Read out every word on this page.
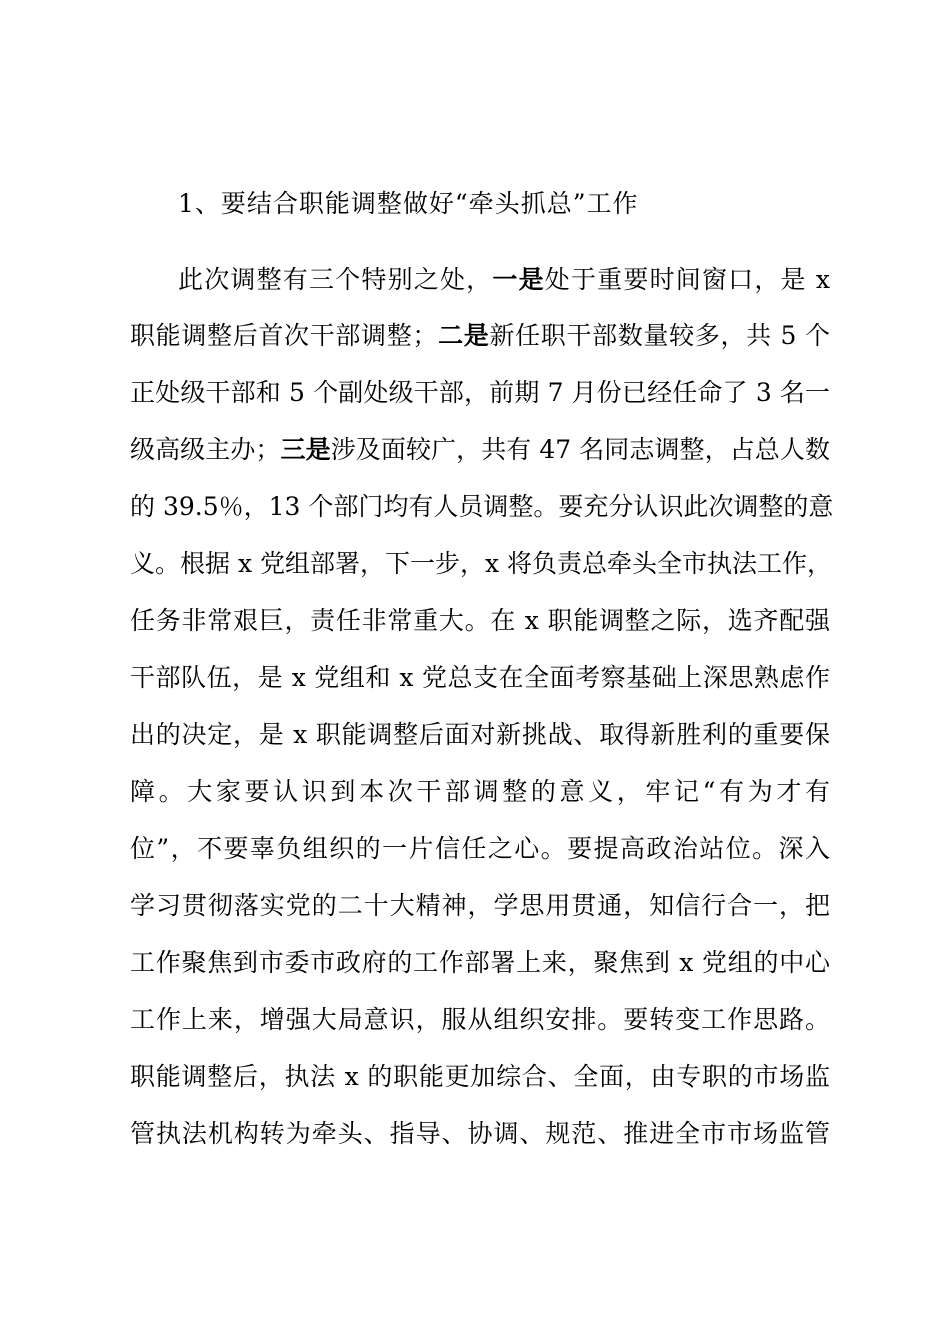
1、要结合职能调整做好“牵头抓总”工作
此次调整有三个特别之处，一是处于重要时间窗口，是 x
职能调整后首次干部调整；二是新任职干部数量较多，共 5 个
正处级干部和 5 个副处级干部，前期 7 月份已经任命了 3 名一
级高级主办；三是涉及面较广，共有 47 名同志调整，占总人数
的 39.5％，13 个部门均有人员调整。要充分认识此次调整的意
义。根据 x 党组部署，下一步，x 将负责总牵头全市执法工作，
任务非常艰巨，责任非常重大。在 x 职能调整之际，选齐配强
干部队伍，是 x 党组和 x 党总支在全面考察基础上深思熟虑作
出的决定，是 x 职能调整后面对新挑战、取得新胜利的重要保
障。大家要认识到本次干部调整的意义，牢记“有为才有
位”，不要辜负组织的一片信任之心。要提高政治站位。深入
学习贯彻落实党的二十大精神，学思用贯通，知信行合一，把
工作聚焦到市委市政府的工作部署上来，聚焦到 x 党组的中心
工作上来，增强大局意识，服从组织安排。要转变工作思路。
职能调整后，执法 x 的职能更加综合、全面，由专职的市场监
管执法机构转为牵头、指导、协调、规范、推进全市市场监管
